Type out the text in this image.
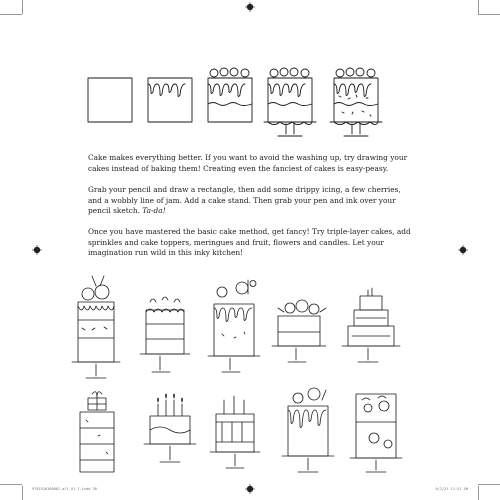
Cake makes everything better. If you want to avoid the washing up, try drawing your cakes instead of baking them! Creating even the fanciest of cakes is easy-peasy.

Grab your pencil and draw a rectangle, then add some drippy icing, a few cherries, and a wobbly line of jam. Add a cake stand. Then grab your pen and ink over your pencil sketch. Ta-da!

Once you have mastered the basic cake method, get fancy! Try triple-layer cakes, add sprinkles and cake toppers, meringues and fruit, flowers and candles. Let your imagination run wild in this inky kitchen!

9781526360862_all_01_7.indd 30	6/2/21 11:31 AM
